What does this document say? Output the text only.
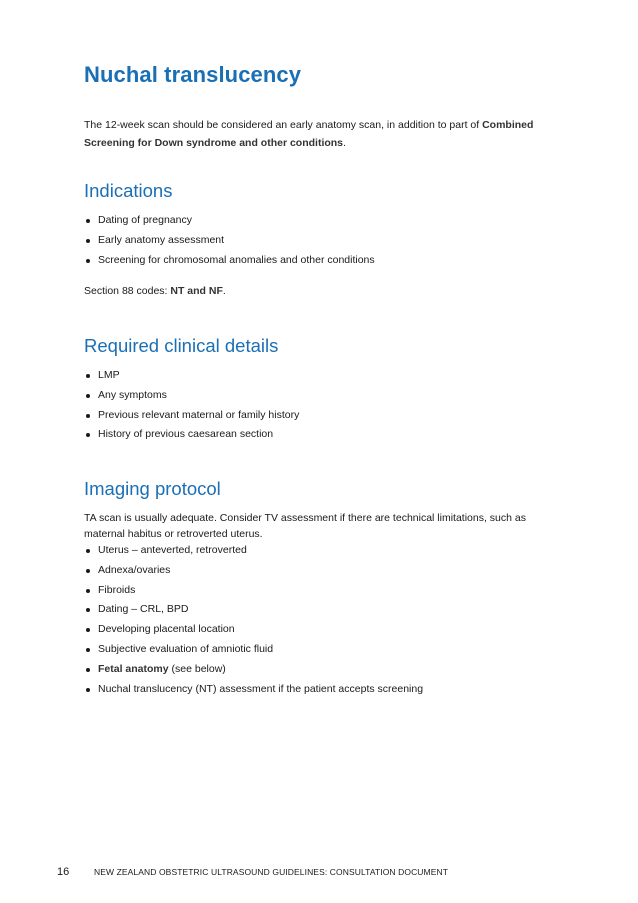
Nuchal translucency

The 12-week scan should be considered an early anatomy scan, in addition to part of Combined Screening for Down syndrome and other conditions.

Indications
Dating of pregnancy
Early anatomy assessment
Screening for chromosomal anomalies and other conditions

Section 88 codes: NT and NF.

Required clinical details
LMP
Any symptoms
Previous relevant maternal or family history
History of previous caesarean section
Imaging protocol

TA scan is usually adequate. Consider TV assessment if there are technical limitations, such as maternal habitus or retroverted uterus.

Uterus – anteverted, retroverted
Adnexa/ovaries
Fibroids
Dating – CRL, BPD
Developing placental location
Subjective evaluation of amniotic fluid
Fetal anatomy (see below)
Nuchal translucency (NT) assessment if the patient accepts screening
16	NEW ZEALAND OBSTETRIC ULTRASOUND GUIDELINES: CONSULTATION DOCUMENT
